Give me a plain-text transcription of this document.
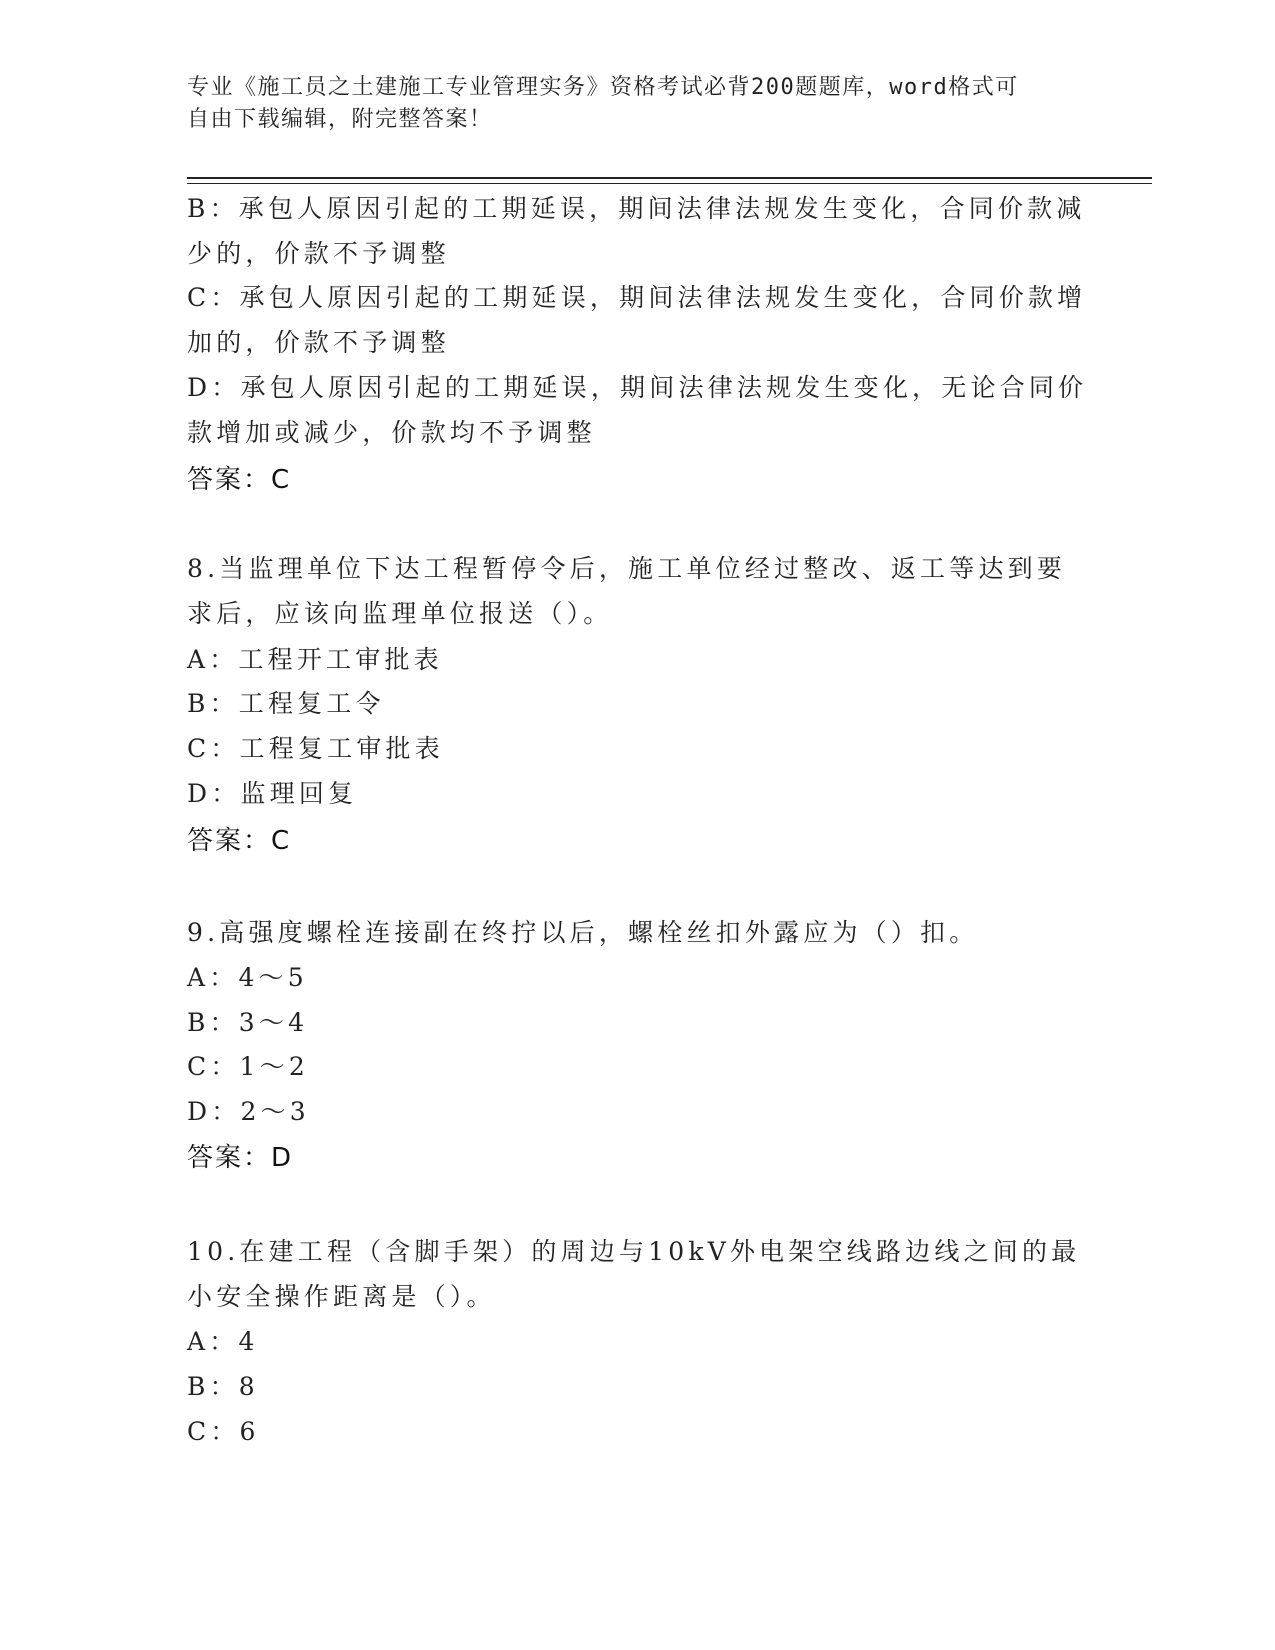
专业《施工员之土建施工专业管理实务》资格考试必背200题题库，word格式可
自由下载编辑，附完整答案！
B：承包人原因引起的工期延误，期间法律法规发生变化，合同价款减
少的，价款不予调整
C：承包人原因引起的工期延误，期间法律法规发生变化，合同价款增
加的，价款不予调整
D：承包人原因引起的工期延误，期间法律法规发生变化，无论合同价
款增加或减少，价款均不予调整
答案：C
8.当监理单位下达工程暂停令后，施工单位经过整改、返工等达到要
求后，应该向监理单位报送（）。
A：工程开工审批表
B：工程复工令
C：工程复工审批表
D：监理回复
答案：C
9.高强度螺栓连接副在终拧以后，螺栓丝扣外露应为（）扣。
A：4～5
B：3～4
C：1～2
D：2～3
答案：D
10.在建工程（含脚手架）的周边与10kV外电架空线路边线之间的最
小安全操作距离是（）。
A：4
B：8
C：6
